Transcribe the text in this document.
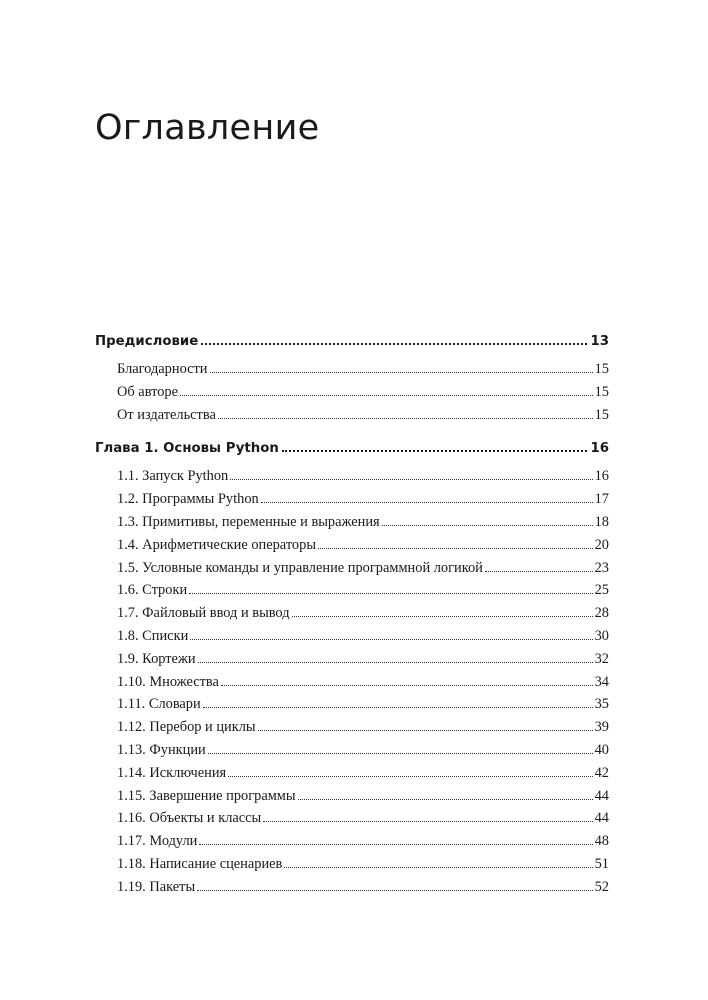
Оглавление
Предисловие	13
Благодарности	15
Об авторе	15
От издательства	15
Глава 1. Основы Python	16
1.1. Запуск Python	16
1.2. Программы Python	17
1.3. Примитивы, переменные и выражения	18
1.4. Арифметические операторы	20
1.5. Условные команды и управление программной логикой	23
1.6. Строки	25
1.7. Файловый ввод и вывод	28
1.8. Списки	30
1.9. Кортежи	32
1.10. Множества	34
1.11. Словари	35
1.12. Перебор и циклы	39
1.13. Функции	40
1.14. Исключения	42
1.15. Завершение программы	44
1.16. Объекты и классы	44
1.17. Модули	48
1.18. Написание сценариев	51
1.19. Пакеты	52
